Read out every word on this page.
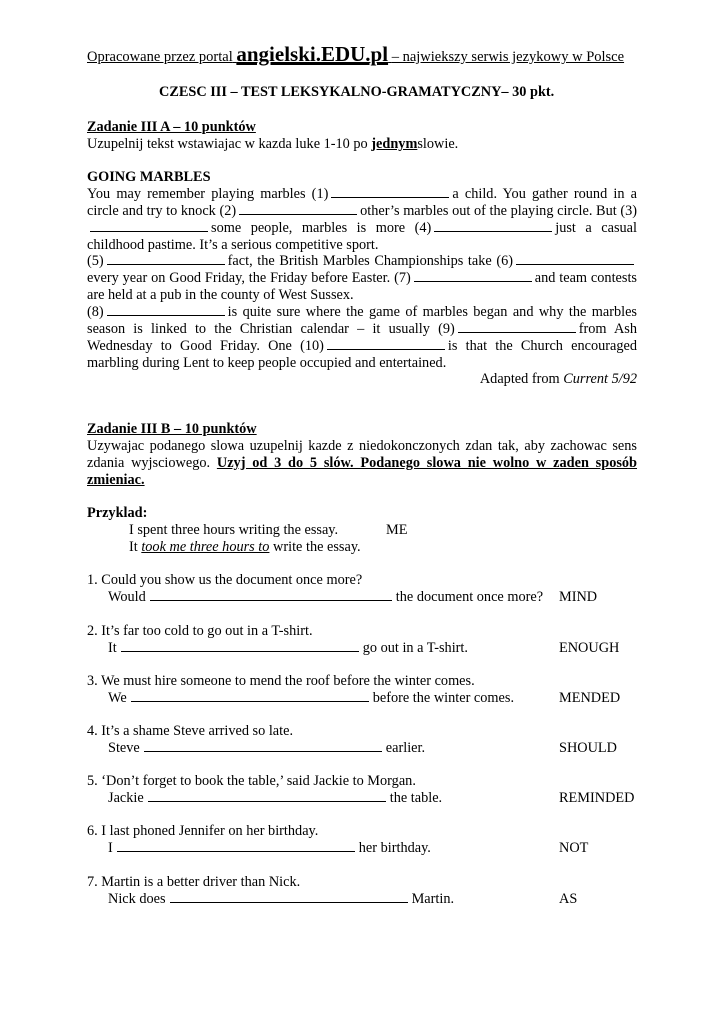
Opracowane przez portal angielski.EDU.pl – najwiekszy serwis jezykowy w Polsce
CZESC III – TEST LEKSYKALNO-GRAMATYCZNY– 30 pkt.
Zadanie III A – 10 punktów
Uzupelnij tekst wstawiajac w kazda luke 1-10 po jednymslowie.
GOING MARBLES
You may remember playing marbles (1)	a child. You gather round in a circle and try to knock (2)	other’s marbles out of the playing circle. But (3) some people, marbles is more (4)	just a casual childhood pastime. It’s a serious competitive sport.
(5)	fact, the British Marbles Championships take (6)every year on Good Friday, the Friday before Easter. (7)	and team contests are held at a pub in the county of West Sussex.
(8)	is quite sure where the game of marbles began and why the marbles season is linked to the Christian calendar – it usually (9)	from Ash Wednesday to Good Friday. One (10)	is that the Church encouraged marbling during Lent to keep people occupied and entertained.
Adapted from Current 5/92
Zadanie III B – 10 punktów
Uzywajac podanego slowa uzupelnij kazde z niedokonczonych zdan tak, aby zachowac sens zdania wyjsciowego. Uzyj od 3 do 5 slów. Podanego slowa nie wolno w zaden sposób zmieniac.
Przyklad:
I spent three hours writing the essay.	ME
It took me three hours to write the essay.
1. Could you show us the document once more?
Would	the document once more? MIND
2. It’s far too cold to go out in a T-shirt.
It	go out in a T-shirt.	ENOUGH
3. We must hire someone to mend the roof before the winter comes.
We	before the winter comes.	MENDED
4. It’s a shame Steve arrived so late.
Steve	earlier.	SHOULD
5. ‘Don’t forget to book the table,’ said Jackie to Morgan.
Jackie	the table.	REMINDED
6. I last phoned Jennifer on her birthday.
I	her birthday.	NOT
7. Martin is a better driver than Nick.
Nick does	Martin.	AS
